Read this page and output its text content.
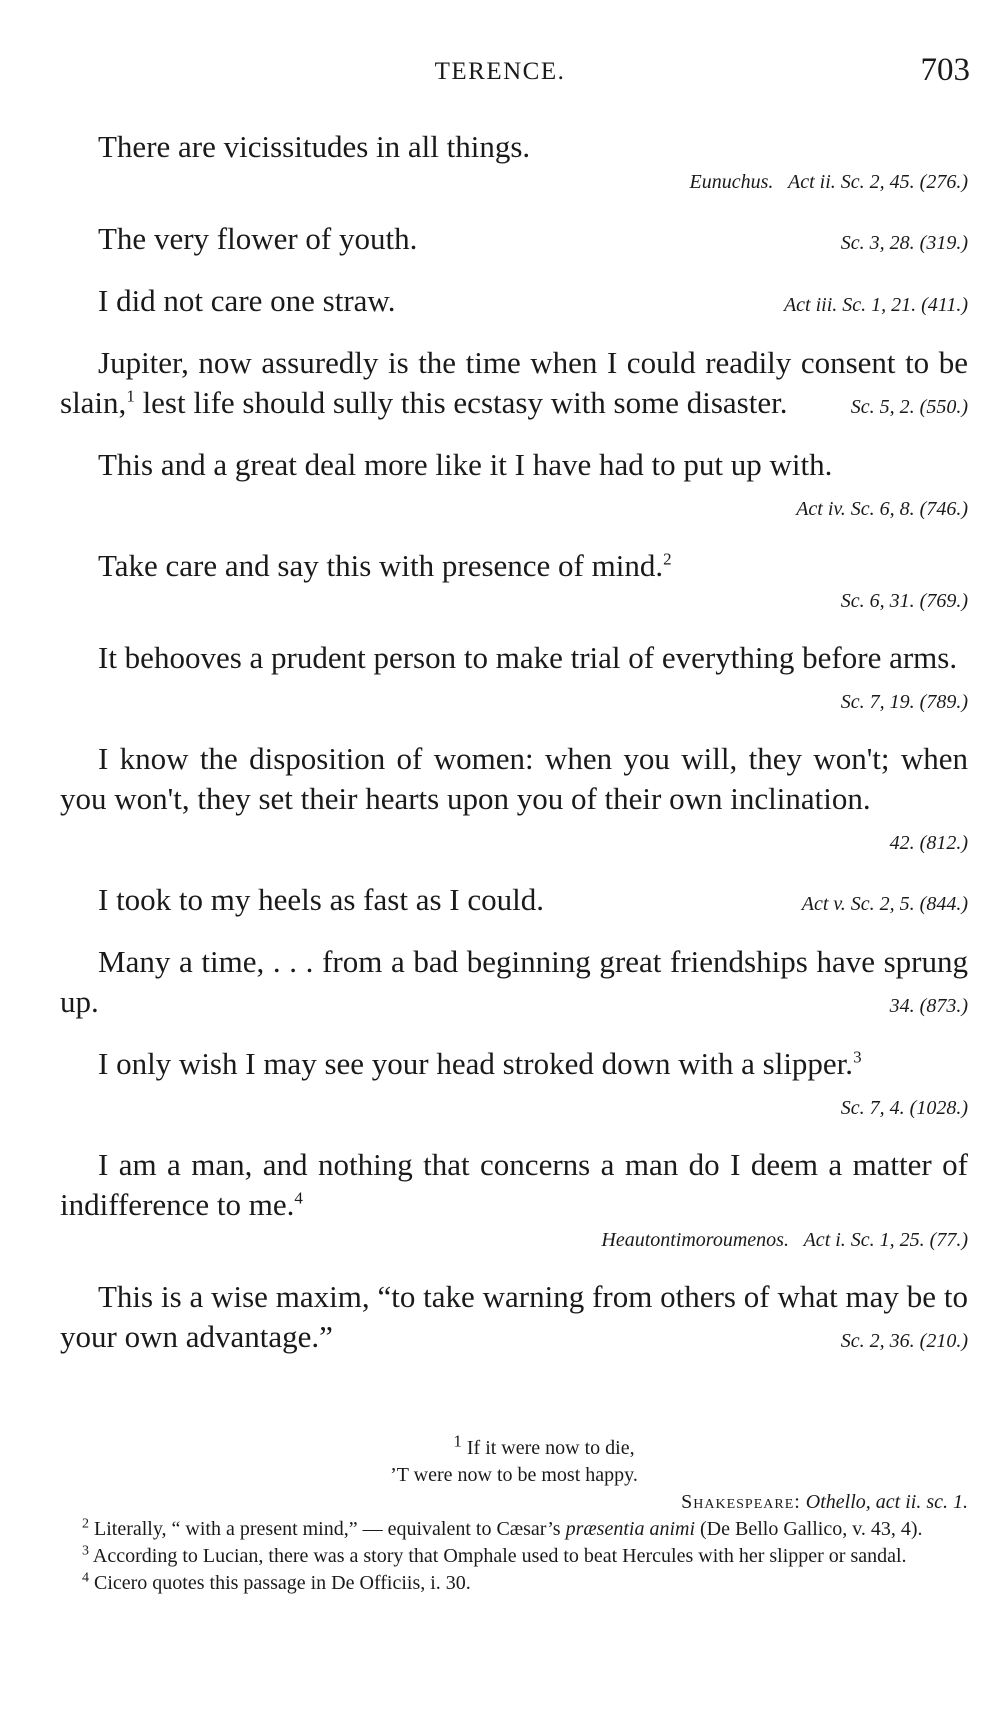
TERENCE.	703
There are vicissitudes in all things.
Eunuchus. Act ii. Sc. 2, 45. (276.)
The very flower of youth.	Sc. 3, 28. (319.)
I did not care one straw.	Act iii. Sc. 1, 21. (411.)
Jupiter, now assuredly is the time when I could readily consent to be slain,$^1$ lest life should sully this ecstasy with some disaster.	Sc. 5, 2. (550.)
This and a great deal more like it I have had to put up with.
Act iv. Sc. 6, 8. (746.)
Take care and say this with presence of mind.$^2$
Sc. 6, 31. (769.)
It behooves a prudent person to make trial of everything before arms.
Sc. 7, 19. (789.)
I know the disposition of women: when you will, they won't; when you won't, they set their hearts upon you of their own inclination.
42. (812.)
I took to my heels as fast as I could.	Act v. Sc. 2, 5. (844.)
Many a time, . . . from a bad beginning great friendships have sprung up.	34. (873.)
I only wish I may see your head stroked down with a slipper.$^3$
Sc. 7, 4. (1028.)
I am a man, and nothing that concerns a man do I deem a matter of indifference to me.$^4$
Heautontimoroumenos. Act i. Sc. 1, 25. (77.)
This is a wise maxim, “to take warning from others of what may be to your own advantage.”	Sc. 2, 36. (210.)
$^1$ If it were now to die,
’T were now to be most happy.
Shakespeare: Othello, act ii. sc. 1.
$^2$ Literally, “ with a present mind,” — equivalent to Cæsar’s præsentia animi (De Bello Gallico, v. 43, 4).
$^3$ According to Lucian, there was a story that Omphale used to beat Hercules with her slipper or sandal.
$^4$ Cicero quotes this passage in De Officiis, i. 30.
